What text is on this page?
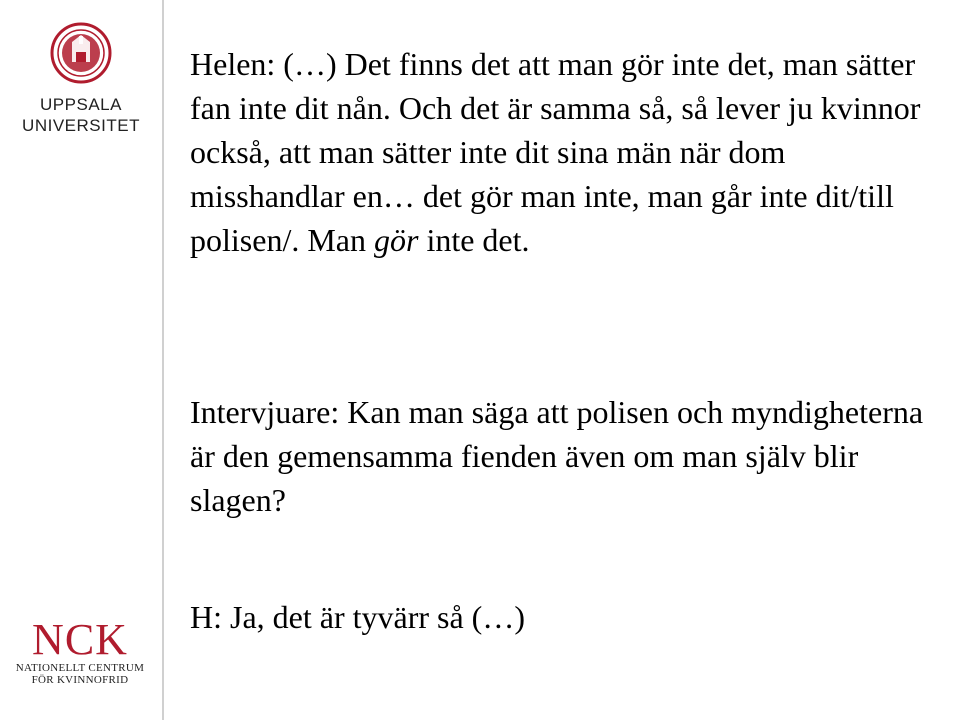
UPPSALA
UNIVERSITET
NCK
NATIONELLT CENTRUM
FÖR KVINNOFRID

Helen: (…) Det finns det att man gör inte det, man sätter fan inte dit nån. Och det är samma så, så lever ju kvinnor också, att man sätter inte dit sina män när dom misshandlar en… det gör man inte, man går inte dit/till polisen/. Man gör inte det.

Intervjuare: Kan man säga att polisen och myndigheterna är den gemensamma fienden även om man själv blir slagen?

H: Ja, det är tyvärr så (…)
